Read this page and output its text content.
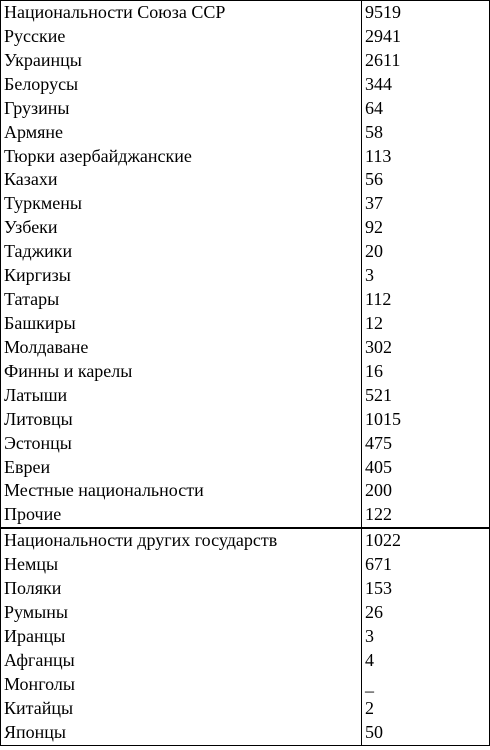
Национальности Союза ССР	9519
Русские	2941
Украинцы	2611
Белорусы	344
Грузины	64
Армяне	58
Тюрки азербайджанские	113
Казахи	56
Туркмены	37
Узбеки	92
Таджики	20
Киргизы	3
Татары	112
Башкиры	12
Молдаване	302
Финны и карелы	16
Латыши	521
Литовцы	1015
Эстонцы	475
Евреи	405
Местные национальности	200
Прочие	122
Национальности других государств	1022
Немцы	671
Поляки	153
Румыны	26
Иранцы	3
Афганцы	4
Монголы	_
Китайцы	2
Японцы	50
